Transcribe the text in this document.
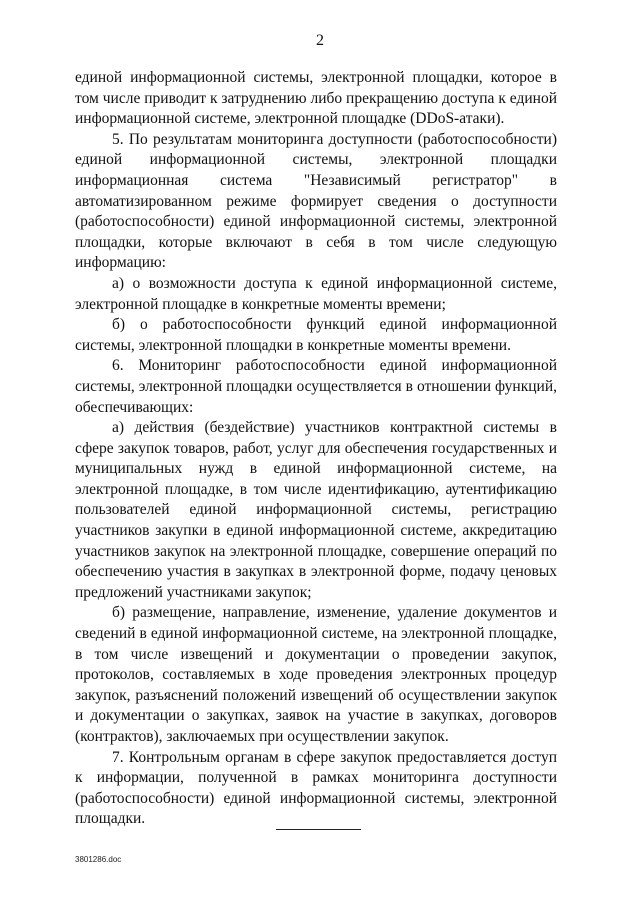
2

единой информационной системы, электронной площадки, которое в том числе приводит к затруднению либо прекращению доступа к единой информационной системе, электронной площадке (DDoS-атаки).

5. По результатам мониторинга доступности (работоспособности) единой информационной системы, электронной площадки информационная система "Независимый регистратор" в автоматизированном режиме формирует сведения о доступности (работоспособности) единой информационной системы, электронной площадки, которые включают в себя в том числе следующую информацию:

а) о возможности доступа к единой информационной системе, электронной площадке в конкретные моменты времени;

б) о работоспособности функций единой информационной системы, электронной площадки в конкретные моменты времени.

6. Мониторинг работоспособности единой информационной системы, электронной площадки осуществляется в отношении функций, обеспечивающих:

а) действия (бездействие) участников контрактной системы в сфере закупок товаров, работ, услуг для обеспечения государственных и муниципальных нужд в единой информационной системе, на электронной площадке, в том числе идентификацию, аутентификацию пользователей единой информационной системы, регистрацию участников закупки в единой информационной системе, аккредитацию участников закупок на электронной площадке, совершение операций по обеспечению участия в закупках в электронной форме, подачу ценовых предложений участниками закупок;

б) размещение, направление, изменение, удаление документов и сведений в единой информационной системе, на электронной площадке, в том числе извещений и документации о проведении закупок, протоколов, составляемых в ходе проведения электронных процедур закупок, разъяснений положений извещений об осуществлении закупок и документации о закупках, заявок на участие в закупках, договоров (контрактов), заключаемых при осуществлении закупок.

7. Контрольным органам в сфере закупок предоставляется доступ к информации, полученной в рамках мониторинга доступности (работоспособности) единой информационной системы, электронной площадки.

3801286.doc
